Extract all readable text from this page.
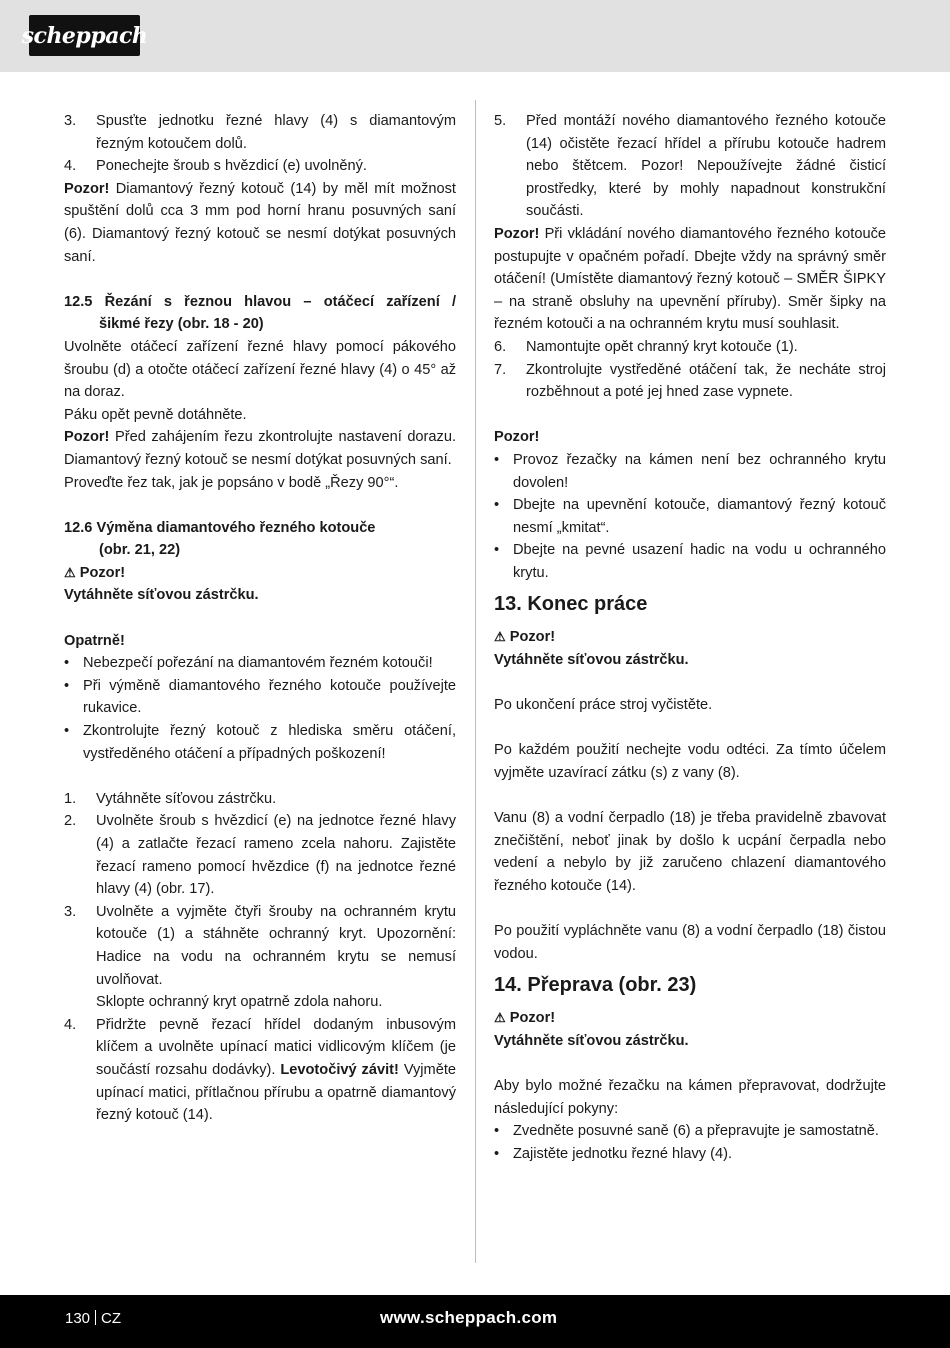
scheppach
3.	Spusťte jednotku řezné hlavy (4) s diamantovým řezným kotoučem dolů.
4.	Ponechejte šroub s hvězdicí (e) uvolněný.

Pozor! Diamantový řezný kotouč (14) by měl mít možnost spuštění dolů cca 3 mm pod horní hranu posuvných saní (6). Diamantový řezný kotouč se nesmí dotýkat posuvných saní.

12.5 Řezání s řeznou hlavou – otáčecí zařízení /
šikmé řezy (obr. 18 - 20)

Uvolněte otáčecí zařízení řezné hlavy pomocí pákového šroubu (d) a otočte otáčecí zařízení řezné hlavy (4) o 45° až na doraz.

Páku opět pevně dotáhněte.

Pozor! Před zahájením řezu zkontrolujte nastavení dorazu. Diamantový řezný kotouč se nesmí dotýkat posuvných saní.

Proveďte řez tak, jak je popsáno v bodě „Řezy 90°“.

12.6 Výměna diamantového řezného kotouče
(obr. 21, 22)
⚠ Pozor!
Vytáhněte síťovou zástrčku.
Opatrně!
• Nebezpečí pořezání na diamantovém řezném kotouči!
• Při výměně diamantového řezného kotouče používejte rukavice.
• Zkontrolujte řezný kotouč z hlediska směru otáčení, vystředěného otáčení a případných poškození!
1.	Vytáhněte síťovou zástrčku.
2.	Uvolněte šroub s hvězdicí (e) na jednotce řezné hlavy (4) a zatlačte řezací rameno zcela nahoru. Zajistěte řezací rameno pomocí hvězdice (f) na jednotce řezné hlavy (4) (obr. 17).
3.	Uvolněte a vyjměte čtyři šrouby na ochranném krytu kotouče (1) a stáhněte ochranný kryt. Upozornění: Hadice na vodu na ochranném krytu se nemusí uvolňovat.
Sklopte ochranný kryt opatrně zdola nahoru.
4.	Přidržte pevně řezací hřídel dodaným inbusovým klíčem a uvolněte upínací matici vidlicovým klíčem (je součástí rozsahu dodávky). Levotočivý závit! Vyjměte upínací matici, přítlačnou přírubu a opatrně diamantový řezný kotouč (14).
5.	Před montáží nového diamantového řezného kotouče (14) očistěte řezací hřídel a přírubu kotouče hadrem nebo štětcem. Pozor! Nepoužívejte žádné čisticí prostředky, které by mohly napadnout konstrukční součásti.

Pozor! Při vkládání nového diamantového řezného kotouče postupujte v opačném pořadí. Dbejte vždy na správný směr otáčení! (Umístěte diamantový řezný kotouč – SMĚR ŠIPKY – na straně obsluhy na upevnění příruby). Směr šipky na řezném kotouči a na ochranném krytu musí souhlasit.

6.	Namontujte opět chranný kryt kotouče (1).
7.	Zkontrolujte vystředěné otáčení tak, že necháte stroj rozběhnout a poté jej hned zase vypnete.
Pozor!
• Provoz řezačky na kámen není bez ochranného krytu dovolen!
• Dbejte na upevnění kotouče, diamantový řezný kotouč nesmí „kmitat“.
• Dbejte na pevné usazení hadic na vodu u ochranného krytu.
13. Konec práce
⚠ Pozor!
Vytáhněte síťovou zástrčku.

Po ukončení práce stroj vyčistěte.

Po každém použití nechejte vodu odtéci. Za tímto účelem vyjměte uzavírací zátku (s) z vany (8).

Vanu (8) a vodní čerpadlo (18) je třeba pravidelně zbavovat znečištění, neboť jinak by došlo k ucpání čerpadla nebo vedení a nebylo by již zaručeno chlazení diamantového řezného kotouče (14).

Po použití vypláchněte vanu (8) a vodní čerpadlo (18) čistou vodou.

14. Přeprava (obr. 23)
⚠ Pozor!
Vytáhněte síťovou zástrčku.

Aby bylo možné řezačku na kámen přepravovat, dodržujte následující pokyny:

• Zvedněte posuvné saně (6) a přepravujte je samostatně.
• Zajistěte jednotku řezné hlavy (4).
130 CZ	www.scheppach.com
